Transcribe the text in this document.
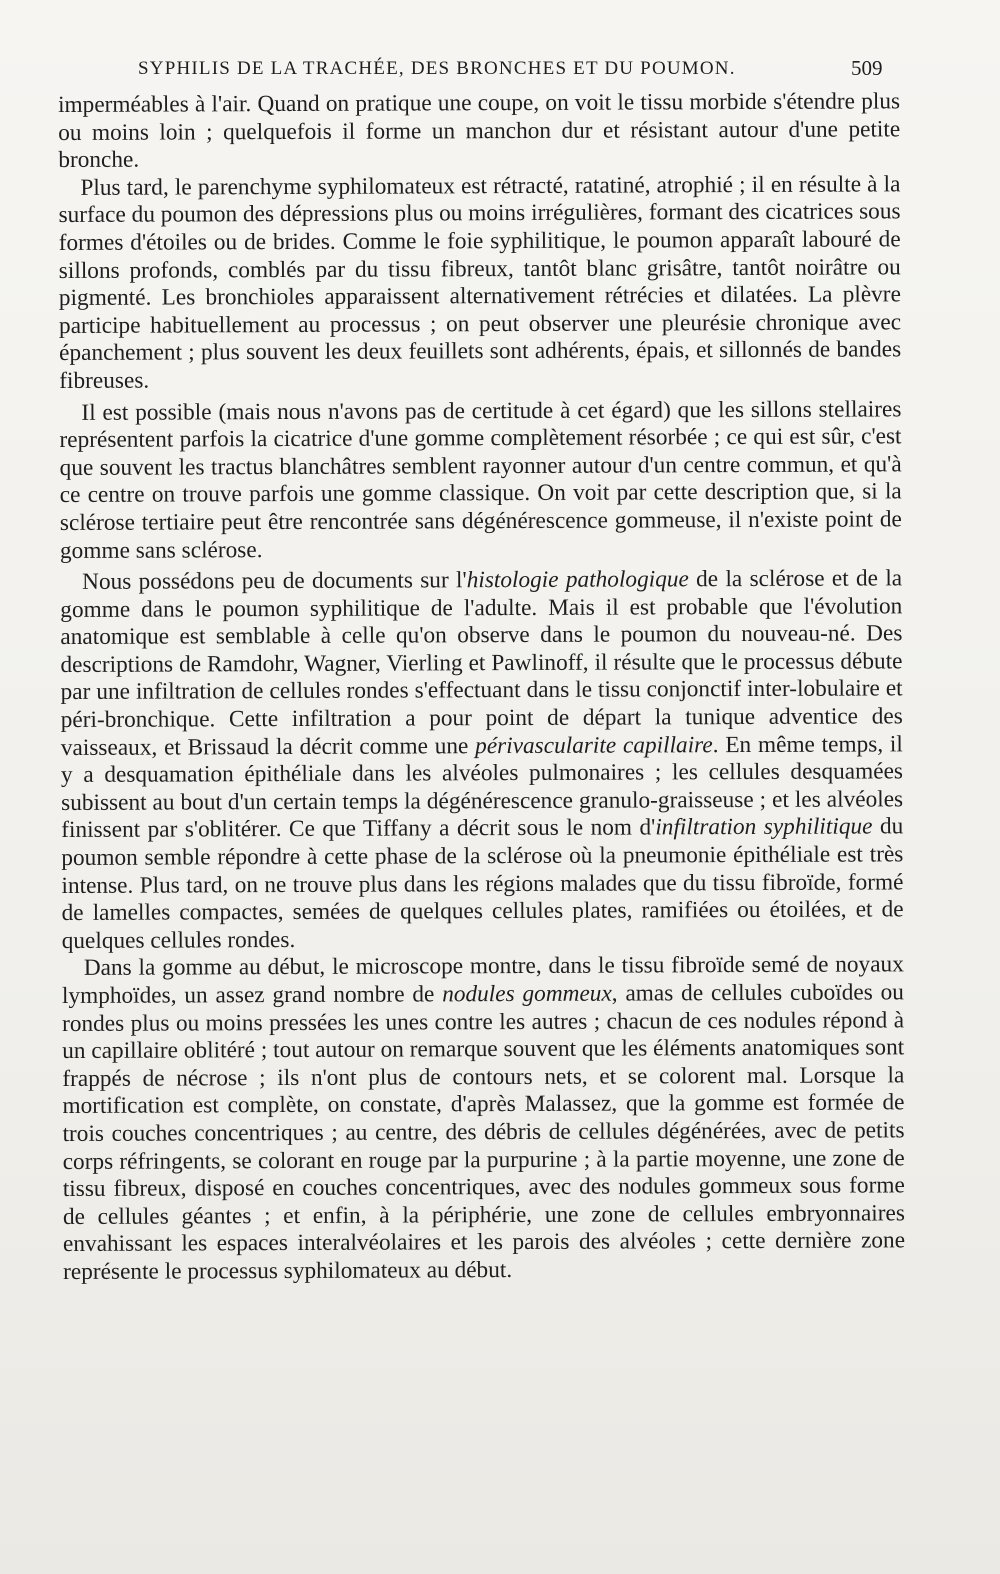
SYPHILIS DE LA TRACHÉE, DES BRONCHES ET DU POUMON.	509

imperméables à l'air. Quand on pratique une coupe, on voit le tissu morbide s'étendre plus ou moins loin ; quelquefois il forme un manchon dur et résistant autour d'une petite bronche.

Plus tard, le parenchyme syphilomateux est rétracté, ratatiné, atrophié ; il en résulte à la surface du poumon des dépressions plus ou moins irrégulières, formant des cicatrices sous formes d'étoiles ou de brides. Comme le foie syphilitique, le poumon apparaît labouré de sillons profonds, comblés par du tissu fibreux, tantôt blanc grisâtre, tantôt noirâtre ou pigmenté. Les bronchioles apparaissent alternativement rétrécies et dilatées. La plèvre participe habituellement au processus ; on peut observer une pleurésie chronique avec épanchement ; plus souvent les deux feuillets sont adhérents, épais, et sillonnés de bandes fibreuses.

Il est possible (mais nous n'avons pas de certitude à cet égard) que les sillons stellaires représentent parfois la cicatrice d'une gomme complètement résorbée ; ce qui est sûr, c'est que souvent les tractus blanchâtres semblent rayonner autour d'un centre commun, et qu'à ce centre on trouve parfois une gomme classique. On voit par cette description que, si la sclérose tertiaire peut être rencontrée sans dégénérescence gommeuse, il n'existe point de gomme sans sclérose.

Nous possédons peu de documents sur l'histologie pathologique de la sclérose et de la gomme dans le poumon syphilitique de l'adulte. Mais il est probable que l'évolution anatomique est semblable à celle qu'on observe dans le poumon du nouveau-né. Des descriptions de Ramdohr, Wagner, Vierling et Pawlinoff, il résulte que le processus débute par une infiltration de cellules rondes s'effectuant dans le tissu conjonctif inter-lobulaire et péri-bronchique. Cette infiltration a pour point de départ la tunique adventice des vaisseaux, et Brissaud la décrit comme une périvascularite capillaire. En même temps, il y a desquamation épithéliale dans les alvéoles pulmonaires ; les cellules desquamées subissent au bout d'un certain temps la dégénérescence granulo-graisseuse ; et les alvéoles finissent par s'oblitérer. Ce que Tiffany a décrit sous le nom d'infiltration syphilitique du poumon semble répondre à cette phase de la sclérose où la pneumonie épithéliale est très intense. Plus tard, on ne trouve plus dans les régions malades que du tissu fibroïde, formé de lamelles compactes, semées de quelques cellules plates, ramifiées ou étoilées, et de quelques cellules rondes.

Dans la gomme au début, le microscope montre, dans le tissu fibroïde semé de noyaux lymphoïdes, un assez grand nombre de nodules gommeux, amas de cellules cuboïdes ou rondes plus ou moins pressées les unes contre les autres ; chacun de ces nodules répond à un capillaire oblitéré ; tout autour on remarque souvent que les éléments anatomiques sont frappés de nécrose ; ils n'ont plus de contours nets, et se colorent mal. Lorsque la mortification est complète, on constate, d'après Malassez, que la gomme est formée de trois couches concentriques ; au centre, des débris de cellules dégénérées, avec de petits corps réfringents, se colorant en rouge par la purpurine ; à la partie moyenne, une zone de tissu fibreux, disposé en couches concentriques, avec des nodules gommeux sous forme de cellules géantes ; et enfin, à la périphérie, une zone de cellules embryonnaires envahissant les espaces interalvéolaires et les parois des alvéoles ; cette dernière zone représente le processus syphilomateux au début.
